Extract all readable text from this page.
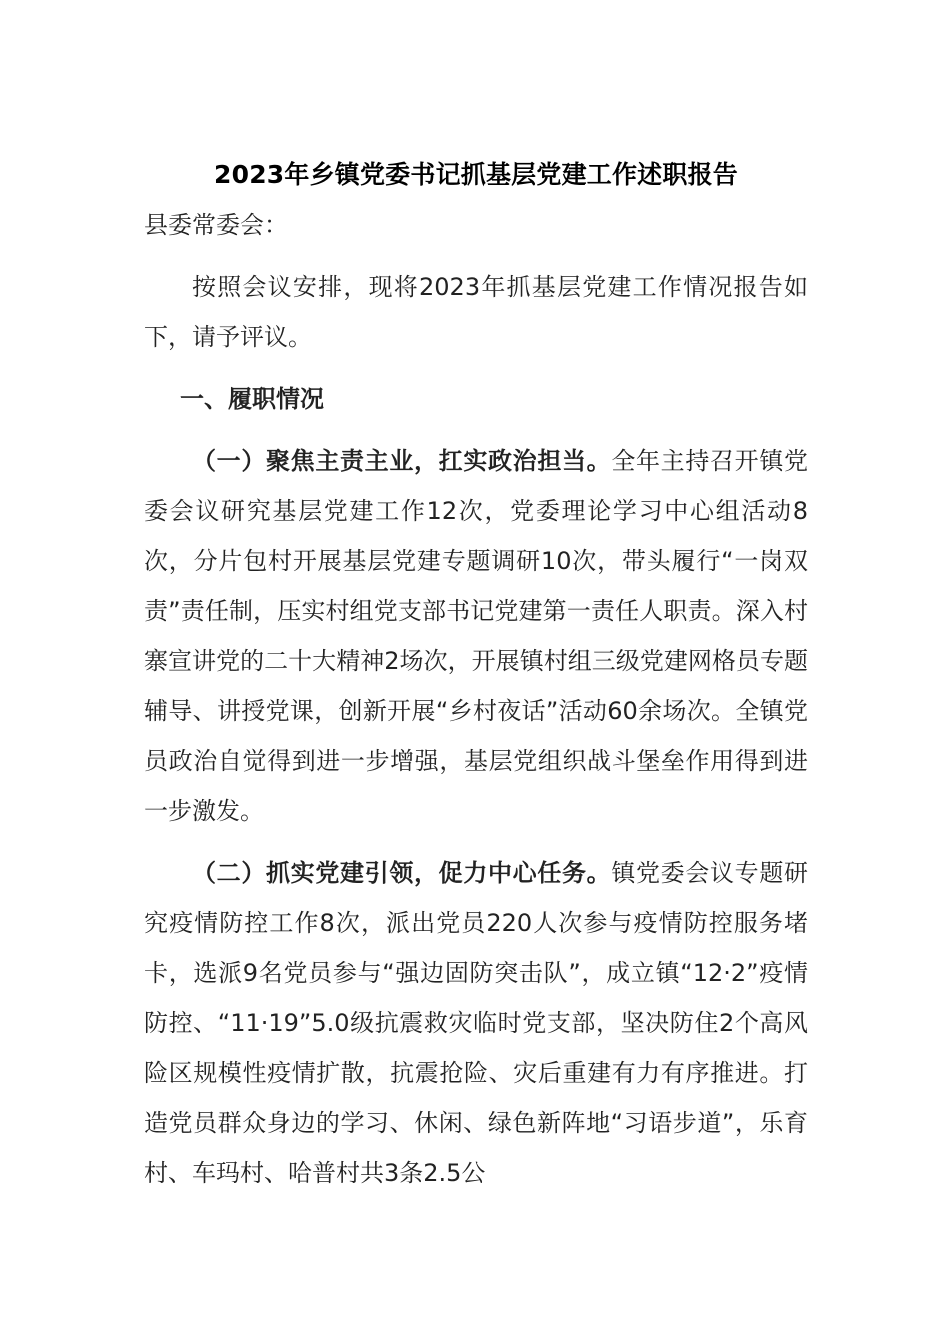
2023年乡镇党委书记抓基层党建工作述职报告

县委常委会：

按照会议安排，现将2023年抓基层党建工作情况报告如下，请予评议。

一、履职情况

（一）聚焦主责主业，扛实政治担当。全年主持召开镇党委会议研究基层党建工作12次，党委理论学习中心组活动8次，分片包村开展基层党建专题调研10次，带头履行“一岗双责”责任制，压实村组党支部书记党建第一责任人职责。深入村寨宣讲党的二十大精神2场次，开展镇村组三级党建网格员专题辅导、讲授党课，创新开展“乡村夜话”活动60余场次。全镇党员政治自觉得到进一步增强，基层党组织战斗堡垒作用得到进一步激发。

（二）抓实党建引领，促力中心任务。镇党委会议专题研究疫情防控工作8次，派出党员220人次参与疫情防控服务堵卡，选派9名党员参与“强边固防突击队”，成立镇“12·2”疫情防控、“11·19”5.0级抗震救灾临时党支部，坚决防住2个高风险区规模性疫情扩散，抗震抢险、灾后重建有力有序推进。打造党员群众身边的学习、休闲、绿色新阵地“习语步道”，乐育村、车玛村、哈普村共3条2.5公
